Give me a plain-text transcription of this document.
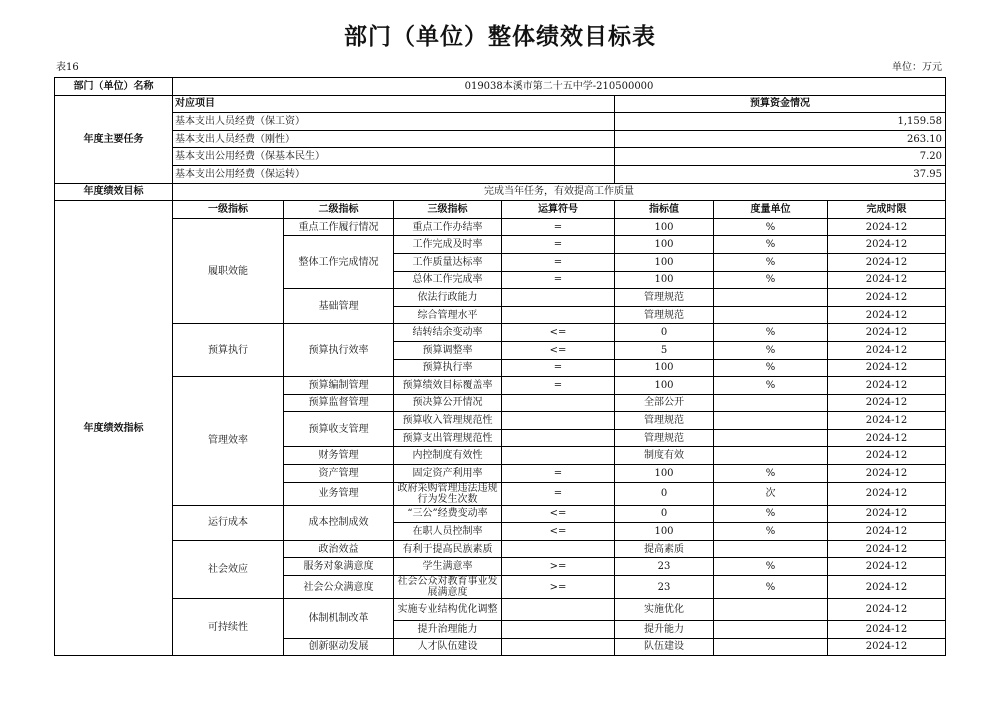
部门（单位）整体绩效目标表
表16	单位：万元
部门（单位）名称	019038本溪市第二十五中学-210500000						
年度主要任务	对应项目				预算资金情况		
	基本支出人员经费（保工资）				1,159.58		
	基本支出人员经费（刚性）				263.10		
	基本支出公用经费（保基本民生）				7.20		
	基本支出公用经费（保运转）				37.95		
年度绩效目标	完成当年任务，有效提高工作质量						
年度绩效指标	一级指标	二级指标	三级指标	运算符号	指标值	度量单位	完成时限
	履职效能	重点工作履行情况	重点工作办结率	=	100	%	2024-12
		整体工作完成情况	工作完成及时率	=	100	%	2024-12
			工作质量达标率	=	100	%	2024-12
			总体工作完成率	=	100	%	2024-12
		基础管理	依法行政能力		管理规范		2024-12
			综合管理水平		管理规范		2024-12
	预算执行	预算执行效率	结转结余变动率	<=	0	%	2024-12
			预算调整率	<=	5	%	2024-12
			预算执行率	=	100	%	2024-12
	管理效率	预算编制管理	预算绩效目标覆盖率	=	100	%	2024-12
		预算监督管理	预决算公开情况		全部公开		2024-12
		预算收支管理	预算收入管理规范性		管理规范		2024-12
			预算支出管理规范性		管理规范		2024-12
		财务管理	内控制度有效性		制度有效		2024-12
		资产管理	固定资产利用率	=	100	%	2024-12
		业务管理	政府采购管理违法违规行为发生次数	=	0	次	2024-12
	运行成本	成本控制成效	“三公”经费变动率	<=	0	%	2024-12
			在职人员控制率	<=	100	%	2024-12
	社会效应	政治效益	有利于提高民族素质		提高素质		2024-12
		服务对象满意度	学生满意率	>=	23	%	2024-12
		社会公众满意度	社会公众对教育事业发展满意度	>=	23	%	2024-12
	可持续性	体制机制改革	实施专业结构优化调整		实施优化		2024-12
			提升治理能力		提升能力		2024-12
		创新驱动发展	人才队伍建设		队伍建设		2024-12
